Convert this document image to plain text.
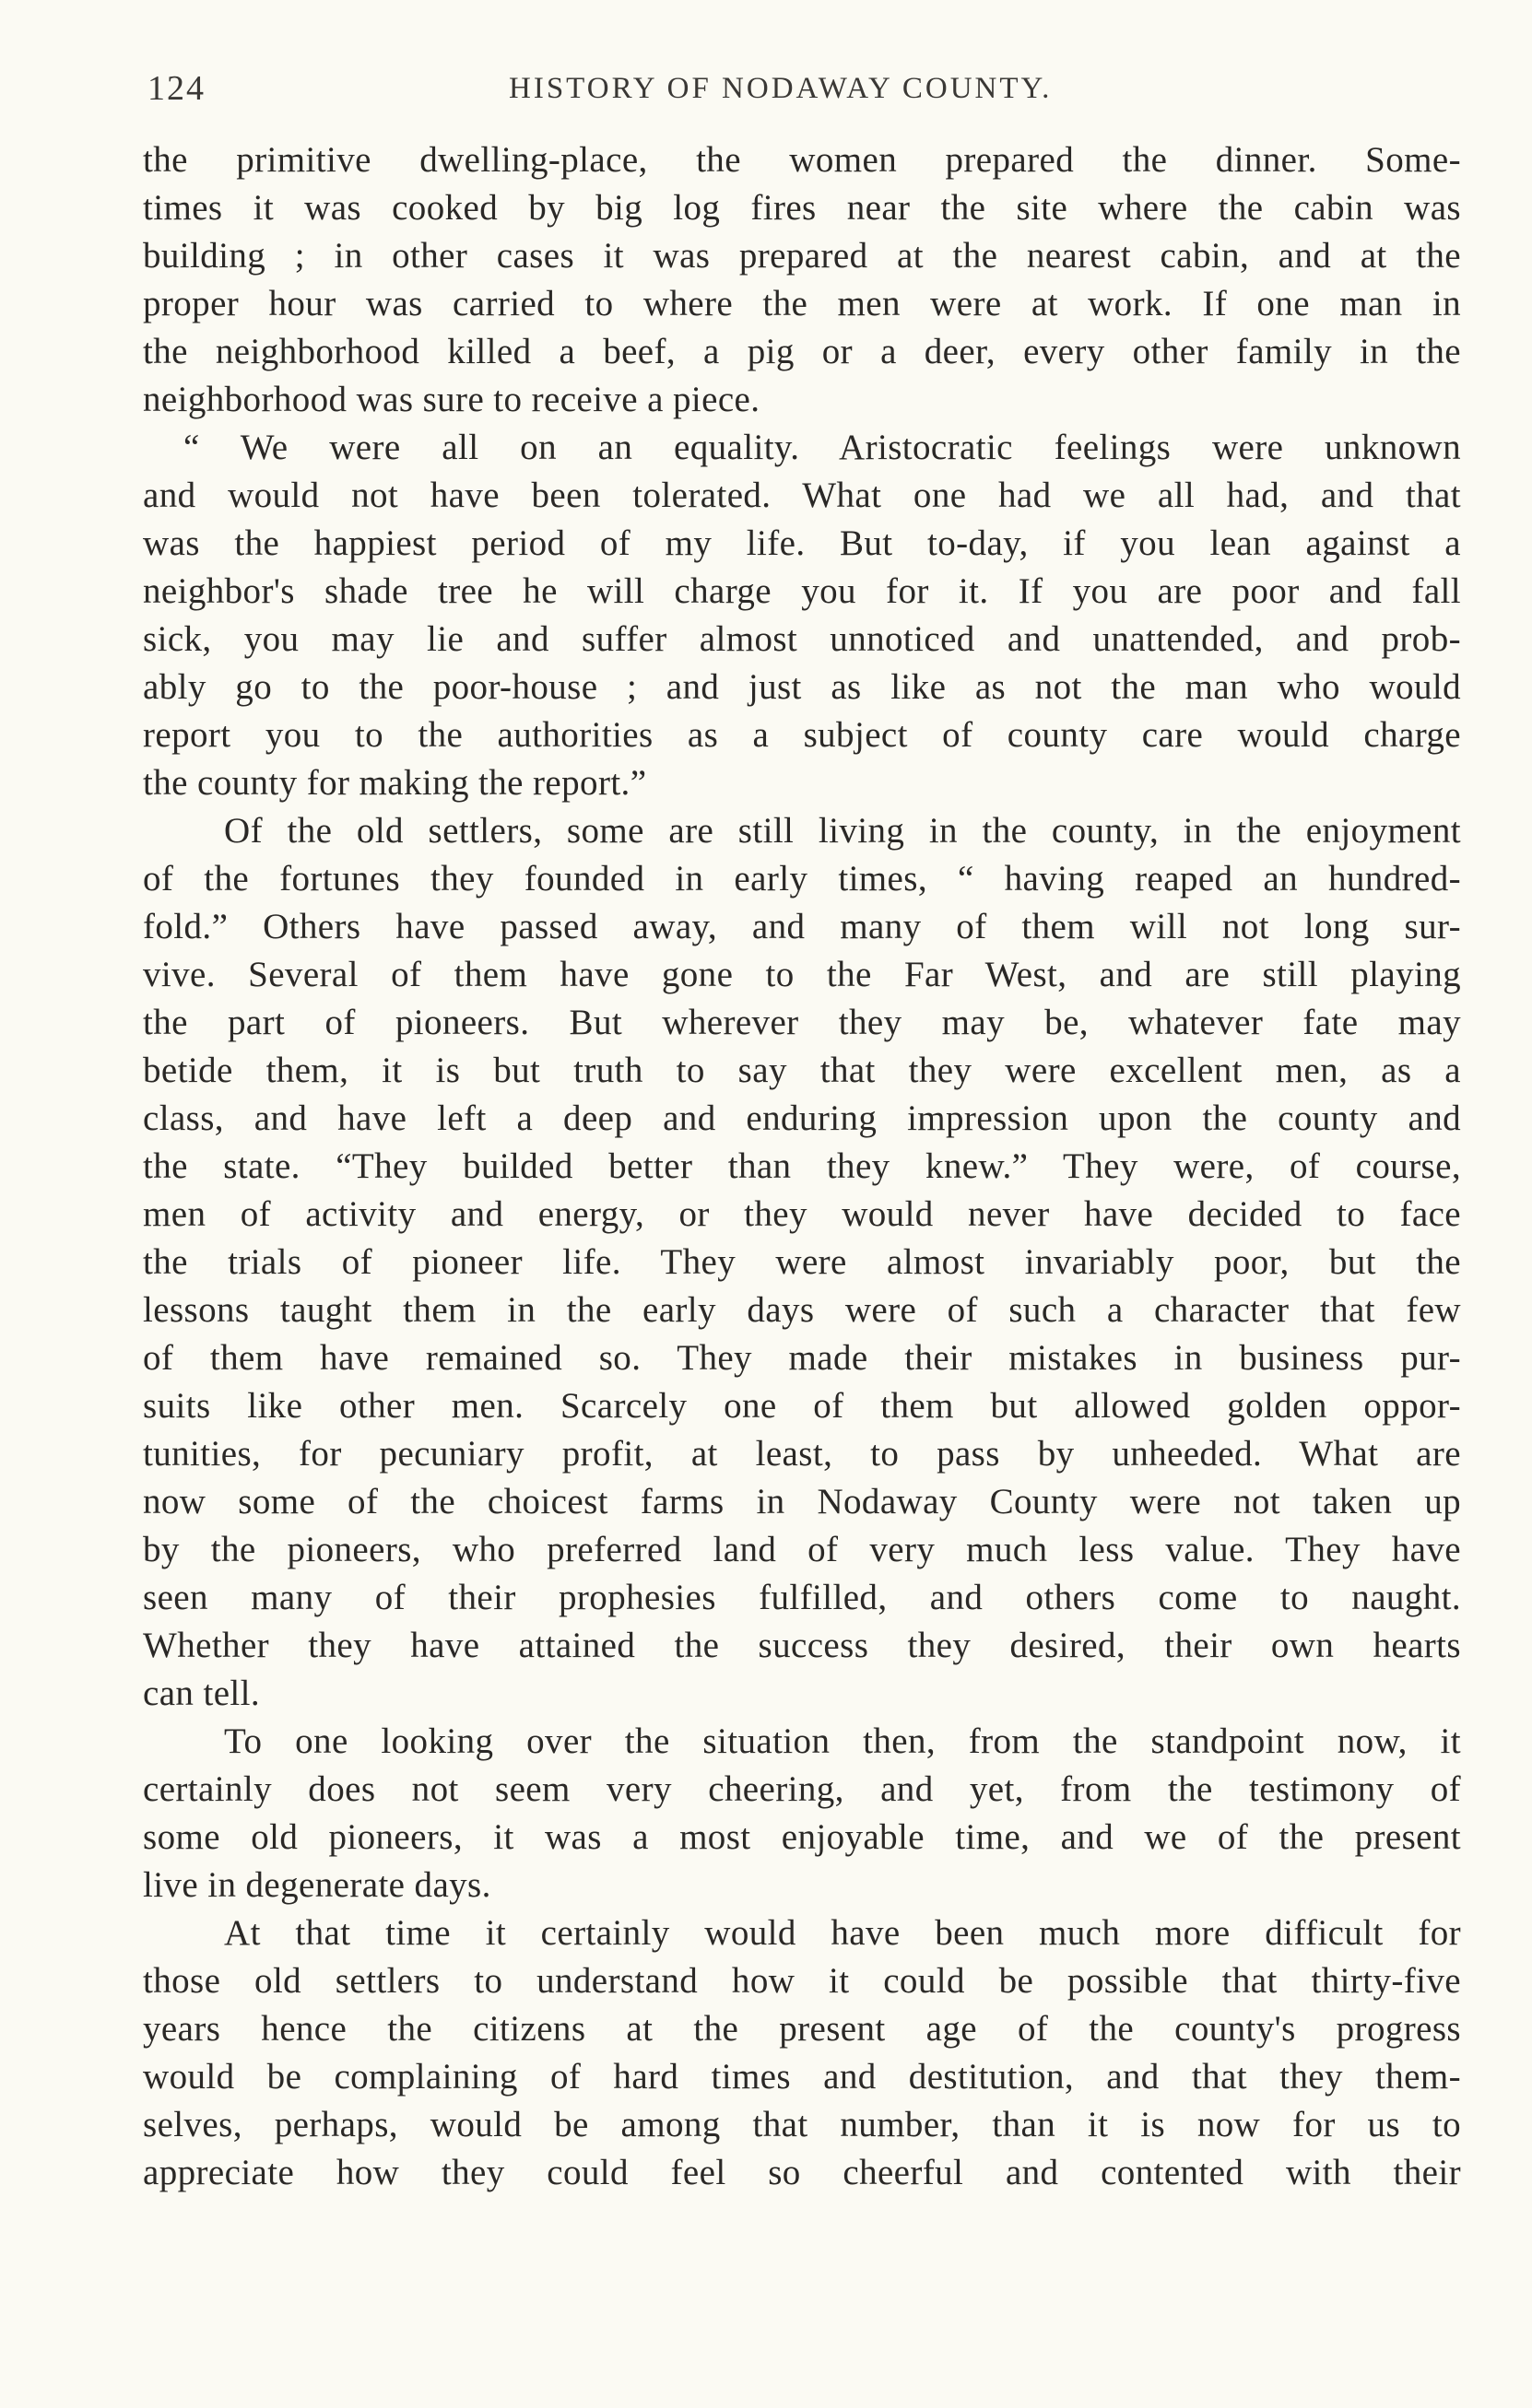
124	HISTORY OF NODAWAY COUNTY.
the primitive dwelling-place, the women prepared the dinner. Some-
times it was cooked by big log fires near the site where the cabin was
building ; in other cases it was prepared at the nearest cabin, and at the
proper hour was carried to where the men were at work. If one man in
the neighborhood killed a beef, a pig or a deer, every other family in the
neighborhood was sure to receive a piece.
“ We were all on an equality. Aristocratic feelings were unknown
and would not have been tolerated. What one had we all had, and that
was the happiest period of my life. But to-day, if you lean against a
neighbor's shade tree he will charge you for it. If you are poor and fall
sick, you may lie and suffer almost unnoticed and unattended, and prob-
ably go to the poor-house ; and just as like as not the man who would
report you to the authorities as a subject of county care would charge
the county for making the report.”
Of the old settlers, some are still living in the county, in the enjoyment
of the fortunes they founded in early times, “ having reaped an hundred-
fold.” Others have passed away, and many of them will not long sur-
vive. Several of them have gone to the Far West, and are still playing
the part of pioneers. But wherever they may be, whatever fate may
betide them, it is but truth to say that they were excellent men, as a
class, and have left a deep and enduring impression upon the county and
the state. “They builded better than they knew.” They were, of course,
men of activity and energy, or they would never have decided to face
the trials of pioneer life. They were almost invariably poor, but the
lessons taught them in the early days were of such a character that few
of them have remained so. They made their mistakes in business pur-
suits like other men. Scarcely one of them but allowed golden oppor-
tunities, for pecuniary profit, at least, to pass by unheeded. What are
now some of the choicest farms in Nodaway County were not taken up
by the pioneers, who preferred land of very much less value. They have
seen many of their prophesies fulfilled, and others come to naught.
Whether they have attained the success they desired, their own hearts
can tell.
To one looking over the situation then, from the standpoint now, it
certainly does not seem very cheering, and yet, from the testimony of
some old pioneers, it was a most enjoyable time, and we of the present
live in degenerate days.
At that time it certainly would have been much more difficult for
those old settlers to understand how it could be possible that thirty-five
years hence the citizens at the present age of the county's progress
would be complaining of hard times and destitution, and that they them-
selves, perhaps, would be among that number, than it is now for us to
appreciate how they could feel so cheerful and contented with their
